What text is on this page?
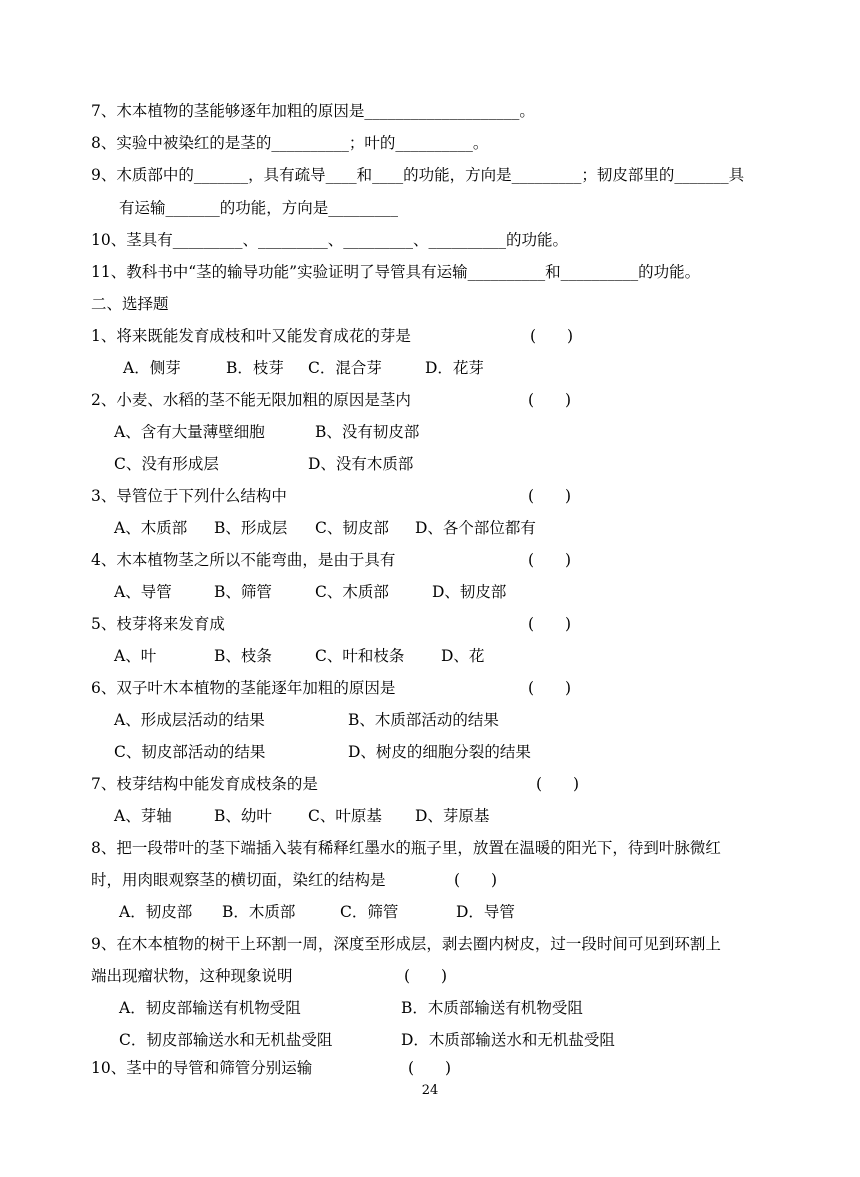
7、木本植物的茎能够逐年加粗的原因是____________________。
8、实验中被染红的是茎的__________；叶的__________。
9、木质部中的_______，具有疏导____和____的功能，方向是_________；韧皮部里的_______具
有运输_______的功能，方向是_________
10、茎具有_________、_________、_________、__________的功能。
11、教科书中“茎的输导功能”实验证明了导管具有运输__________和__________的功能。
二、选择题
1、将来既能发育成枝和叶又能发育成花的芽是	(　　)
A．侧芽	B．枝芽 C．混合芽	D．花芽
2、小麦、水稻的茎不能无限加粗的原因是茎内	(　　)
A、含有大量薄壁细胞	B、没有韧皮部
C、没有形成层	D、没有木质部
3、导管位于下列什么结构中	(　　)
A、木质部 B、形成层 C、韧皮部 D、各个部位都有
4、木本植物茎之所以不能弯曲，是由于具有	(　　)
A、导管	B、筛管	C、木质部	D、韧皮部
5、枝芽将来发育成	(　　)
A、叶	B、枝条	C、叶和枝条 D、花
6、双子叶木本植物的茎能逐年加粗的原因是	(　　)
A、形成层活动的结果	B、木质部活动的结果
C、韧皮部活动的结果	D、树皮的细胞分裂的结果
7、枝芽结构中能发育成枝条的是	(　　)
A、芽轴	B、幼叶 C、叶原基 D、芽原基
8、把一段带叶的茎下端插入装有稀释红墨水的瓶子里，放置在温暖的阳光下，待到叶脉微红
时，用肉眼观察茎的横切面，染红的结构是	(　　)
A．韧皮部 B．木质部	C．筛管	D．导管
9、在木本植物的树干上环割一周，深度至形成层，剥去圈内树皮，过一段时间可见到环割上
端出现瘤状物，这种现象说明	(　　)
A．韧皮部输送有机物受阻	B．木质部输送有机物受阻
C．韧皮部输送水和无机盐受阻	D．木质部输送水和无机盐受阻
10、茎中的导管和筛管分别运输	(　　)
24
